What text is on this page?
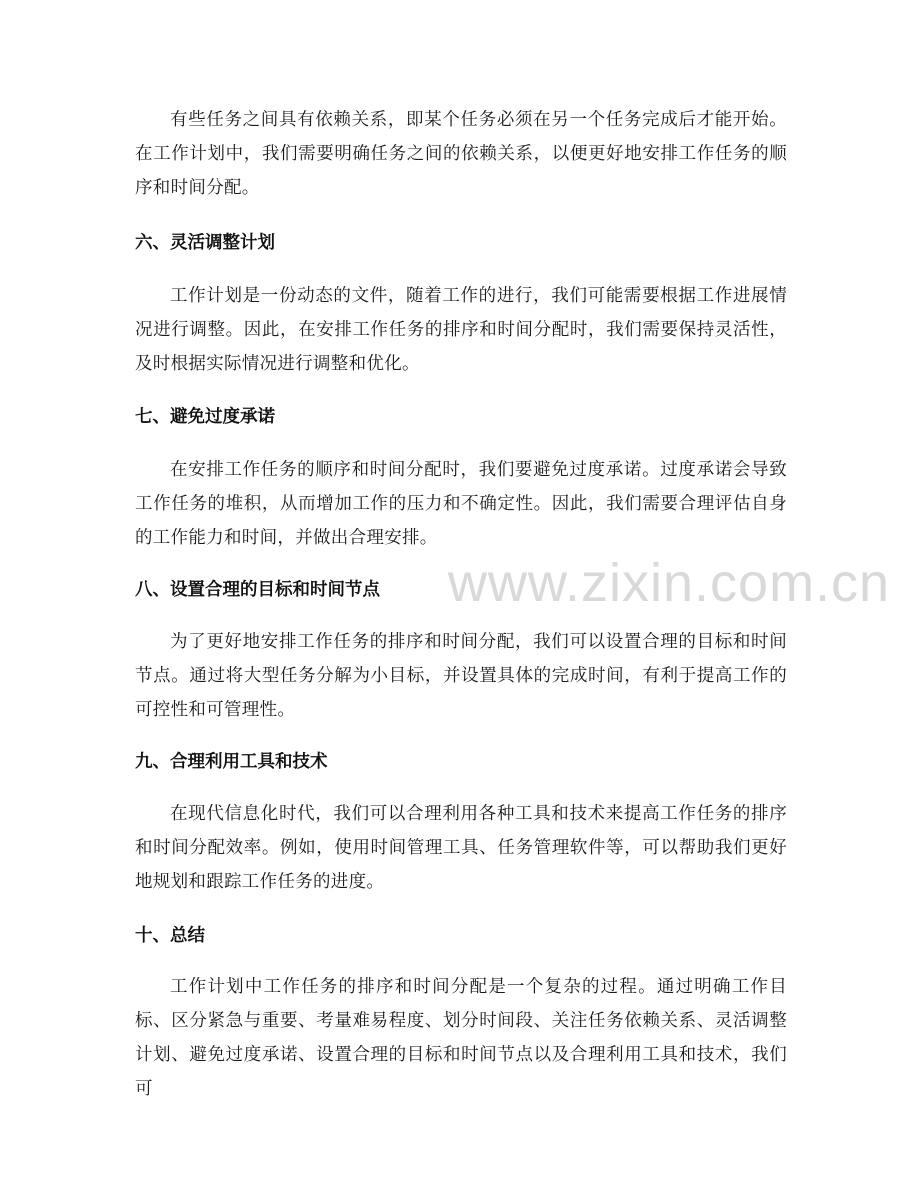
有些任务之间具有依赖关系，即某个任务必须在另一个任务完成后才能开始。在工作计划中，我们需要明确任务之间的依赖关系，以便更好地安排工作任务的顺序和时间分配。

六、灵活调整计划

工作计划是一份动态的文件，随着工作的进行，我们可能需要根据工作进展情况进行调整。因此，在安排工作任务的排序和时间分配时，我们需要保持灵活性，及时根据实际情况进行调整和优化。

七、避免过度承诺

在安排工作任务的顺序和时间分配时，我们要避免过度承诺。过度承诺会导致工作任务的堆积，从而增加工作的压力和不确定性。因此，我们需要合理评估自身的工作能力和时间，并做出合理安排。

八、设置合理的目标和时间节点

为了更好地安排工作任务的排序和时间分配，我们可以设置合理的目标和时间节点。通过将大型任务分解为小目标，并设置具体的完成时间，有利于提高工作的可控性和可管理性。

九、合理利用工具和技术

在现代信息化时代，我们可以合理利用各种工具和技术来提高工作任务的排序和时间分配效率。例如，使用时间管理工具、任务管理软件等，可以帮助我们更好地规划和跟踪工作任务的进度。

十、总结

工作计划中工作任务的排序和时间分配是一个复杂的过程。通过明确工作目标、区分紧急与重要、考量难易程度、划分时间段、关注任务依赖关系、灵活调整计划、避免过度承诺、设置合理的目标和时间节点以及合理利用工具和技术，我们可

www.zixin.com.cn
